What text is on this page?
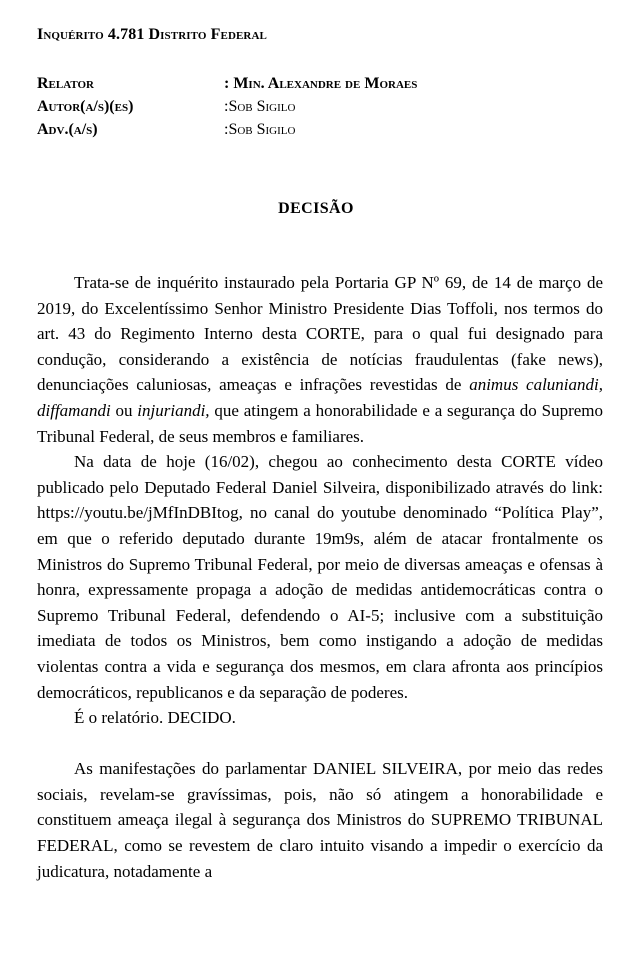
Inquérito 4.781 Distrito Federal
Relator	: Min. Alexandre de Moraes
Autor(a/s)(es)	:Sob Sigilo
Adv.(a/s)	:Sob Sigilo
DECISÃO

Trata-se de inquérito instaurado pela Portaria GP Nº 69, de 14 de março de 2019, do Excelentíssimo Senhor Ministro Presidente Dias Toffoli, nos termos do art. 43 do Regimento Interno desta CORTE, para o qual fui designado para condução, considerando a existência de notícias fraudulentas (fake news), denunciações caluniosas, ameaças e infrações revestidas de animus caluniandi, diffamandi ou injuriandi, que atingem a honorabilidade e a segurança do Supremo Tribunal Federal, de seus membros e familiares.

Na data de hoje (16/02), chegou ao conhecimento desta CORTE vídeo publicado pelo Deputado Federal Daniel Silveira, disponibilizado através do link: https://youtu.be/jMfInDBItog, no canal do youtube denominado “Política Play”, em que o referido deputado durante 19m9s, além de atacar frontalmente os Ministros do Supremo Tribunal Federal, por meio de diversas ameaças e ofensas à honra, expressamente propaga a adoção de medidas antidemocráticas contra o Supremo Tribunal Federal, defendendo o AI-5; inclusive com a substituição imediata de todos os Ministros, bem como instigando a adoção de medidas violentas contra a vida e segurança dos mesmos, em clara afronta aos princípios democráticos, republicanos e da separação de poderes.

É o relatório. DECIDO.

As manifestações do parlamentar DANIEL SILVEIRA, por meio das redes sociais, revelam-se gravíssimas, pois, não só atingem a honorabilidade e constituem ameaça ilegal à segurança dos Ministros do SUPREMO TRIBUNAL FEDERAL, como se revestem de claro intuito visando a impedir o exercício da judicatura, notadamente a
